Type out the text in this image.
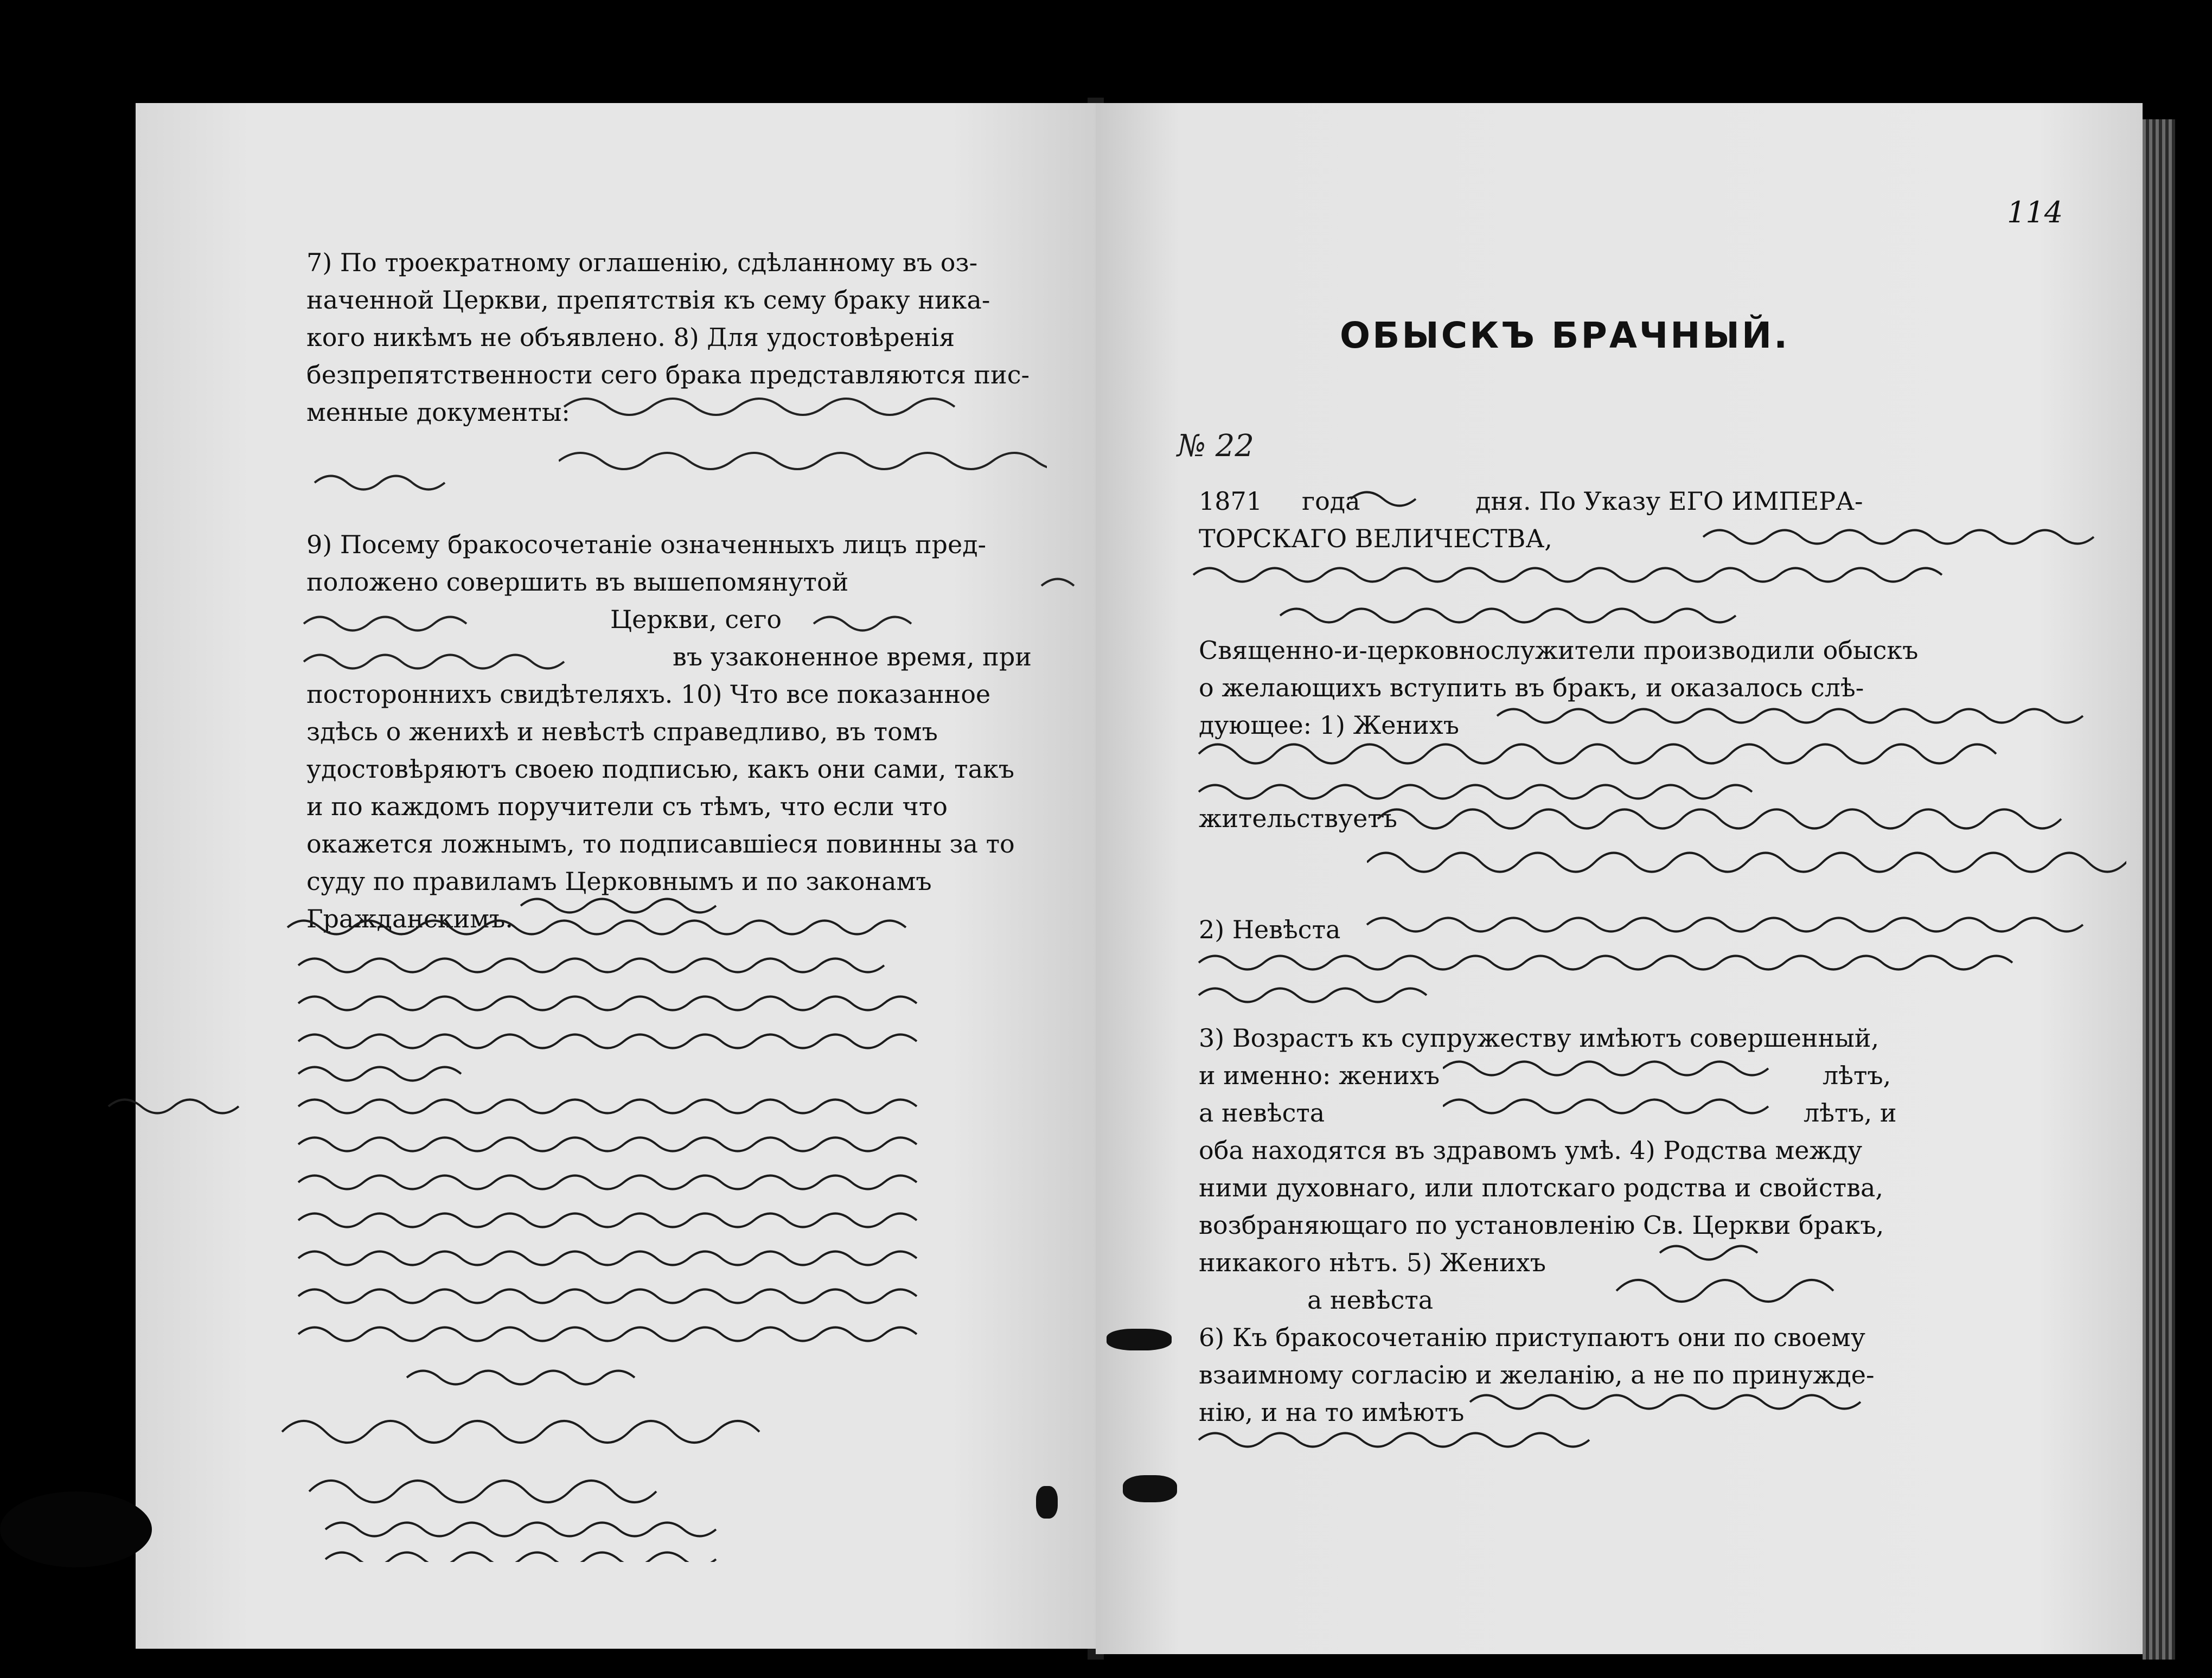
7) По троекратному оглашенію, сдѣланному въ оз-
наченной Церкви, препятствія къ сему браку ника-
кого никѣмъ не объявлено. 8) Для удостовѣренія
безпрепятственности сего брака представляются пис-
менные документы:
9) Посему бракосочетаніе означенныхъ лицъ пред-
положено совершить въ вышепомянутой
Церкви, сего
въ узаконенное время, при
постороннихъ свидѣтеляхъ. 10) Что все показанное
здѣсь о женихѣ и невѣстѣ справедливо, въ томъ
удостовѣряютъ своею подписью, какъ они сами, такъ
и по каждомъ поручители съ тѣмъ, что если что
окажется ложнымъ, то подписавшіеся повинны за то
суду по правиламъ Церковнымъ и по законамъ
Гражданскимъ.
114
ОБЫСКЪ БРАЧНЫЙ.
№ 22
1871 года	дня. По Указу ЕГО ИМПЕРА-
ТОРСКАГО ВЕЛИЧЕСТВА,
Священно-и-церковнослужители производили обыскъ
о желающихъ вступить въ бракъ, и оказалось слѣ-
дующее: 1) Женихъ
жительствуетъ
2) Невѣста
3) Возрастъ къ супружеству имѣютъ совершенный,
и именно: женихъ	лѣтъ,
а невѣста	лѣтъ, и
оба находятся въ здравомъ умѣ. 4) Родства между
ними духовнаго, или плотскаго родства и свойства,
возбраняющаго по установленію Св. Церкви бракъ,
никакого нѣтъ. 5) Женихъ
а невѣста
6) Къ бракосочетанію приступаютъ они по своему
взаимному согласію и желанію, а не по принужде-
нію, и на то имѣютъ
